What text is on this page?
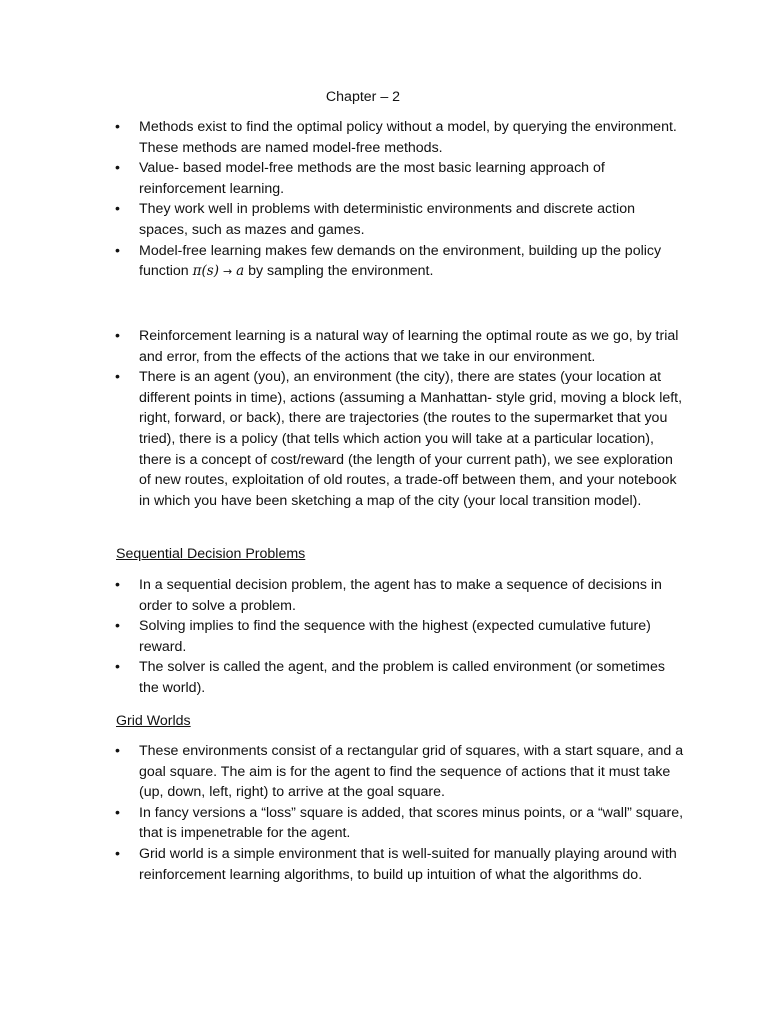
Chapter – 2
• Methods exist to find the optimal policy without a model, by querying the environment. These methods are named model-free methods.
• Value- based model-free methods are the most basic learning approach of reinforcement learning.
• They work well in problems with deterministic environments and discrete action spaces, such as mazes and games.
• Model-free learning makes few demands on the environment, building up the policy function π(s) → a by sampling the environment.
• Reinforcement learning is a natural way of learning the optimal route as we go, by trial and error, from the effects of the actions that we take in our environment.
• There is an agent (you), an environment (the city), there are states (your location at different points in time), actions (assuming a Manhattan- style grid, moving a block left, right, forward, or back), there are trajectories (the routes to the supermarket that you tried), there is a policy (that tells which action you will take at a particular location), there is a concept of cost/reward (the length of your current path), we see exploration of new routes, exploitation of old routes, a trade-off between them, and your notebook in which you have been sketching a map of the city (your local transition model).
Sequential Decision Problems
• In a sequential decision problem, the agent has to make a sequence of decisions in order to solve a problem.
• Solving implies to find the sequence with the highest (expected cumulative future) reward.
• The solver is called the agent, and the problem is called environment (or sometimes the world).
Grid Worlds
• These environments consist of a rectangular grid of squares, with a start square, and a goal square. The aim is for the agent to find the sequence of actions that it must take (up, down, left, right) to arrive at the goal square.
• In fancy versions a “loss” square is added, that scores minus points, or a “wall” square, that is impenetrable for the agent.
• Grid world is a simple environment that is well-suited for manually playing around with reinforcement learning algorithms, to build up intuition of what the algorithms do.
